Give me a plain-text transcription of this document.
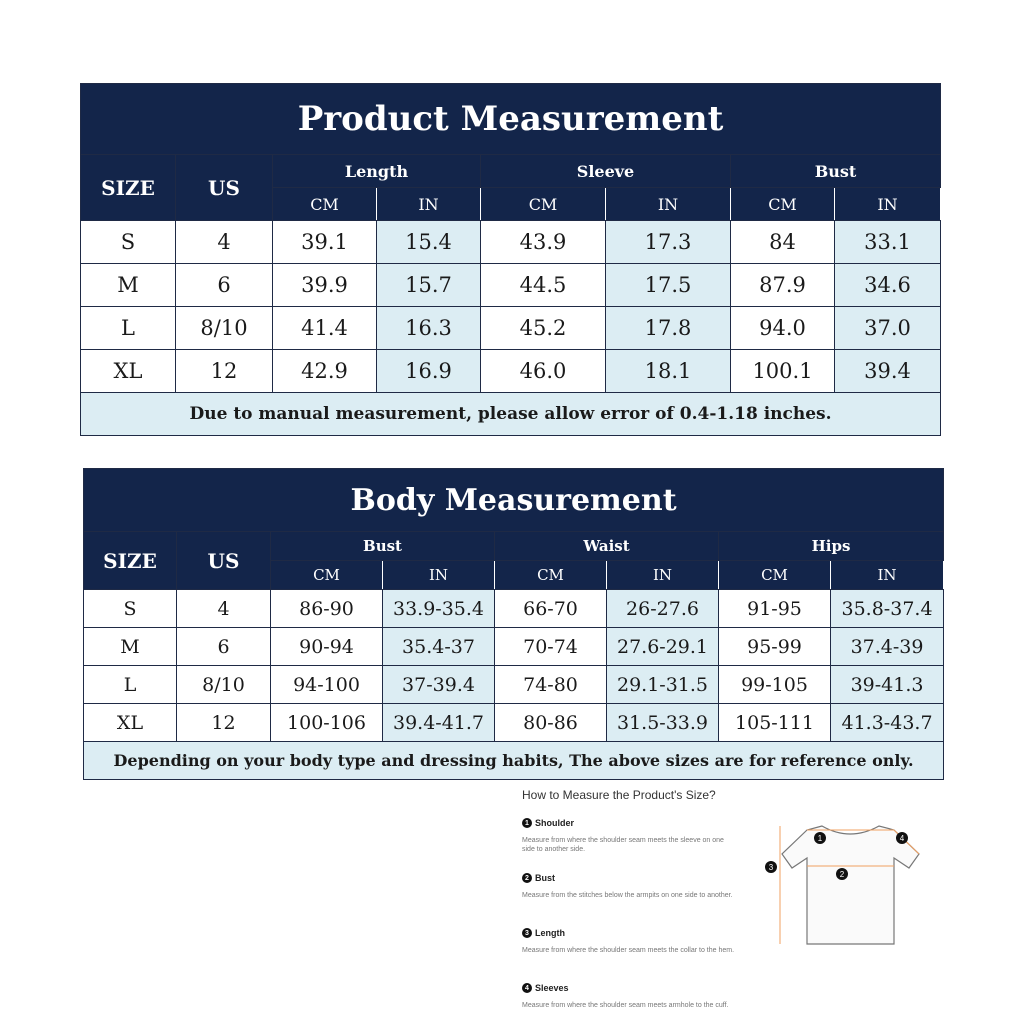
Product Measurement							
SIZE	US	Length		Sleeve		Bust	
		CM	IN	CM	IN	CM	IN
S	4	39.1	15.4	43.9	17.3	84	33.1
M	6	39.9	15.7	44.5	17.5	87.9	34.6
L	8/10	41.4	16.3	45.2	17.8	94.0	37.0
XL	12	42.9	16.9	46.0	18.1	100.1	39.4
Due to manual measurement, please allow error of 0.4-1.18 inches.							
Body Measurement							
SIZE	US	Bust		Waist		Hips	
		CM	IN	CM	IN	CM	IN
S	4	86-90	33.9-35.4	66-70	26-27.6	91-95	35.8-37.4
M	6	90-94	35.4-37	70-74	27.6-29.1	95-99	37.4-39
L	8/10	94-100	37-39.4	74-80	29.1-31.5	99-105	39-41.3
XL	12	100-106	39.4-41.7	80-86	31.5-33.9	105-111	41.3-43.7
Depending on your body type and dressing habits, The above sizes are for reference only.							
How to Measure the Product's Size?
1 Shoulder
Measure from where the shoulder seam meets the sleeve on one side to another side.
2 Bust
Measure from the stitches below the armpits on one side to another.
3 Length
Measure from where the shoulder seam meets the collar to the hem.
4 Sleeves
Measure from where the shoulder seam meets armhole to the cuff.
1
2
3
4
